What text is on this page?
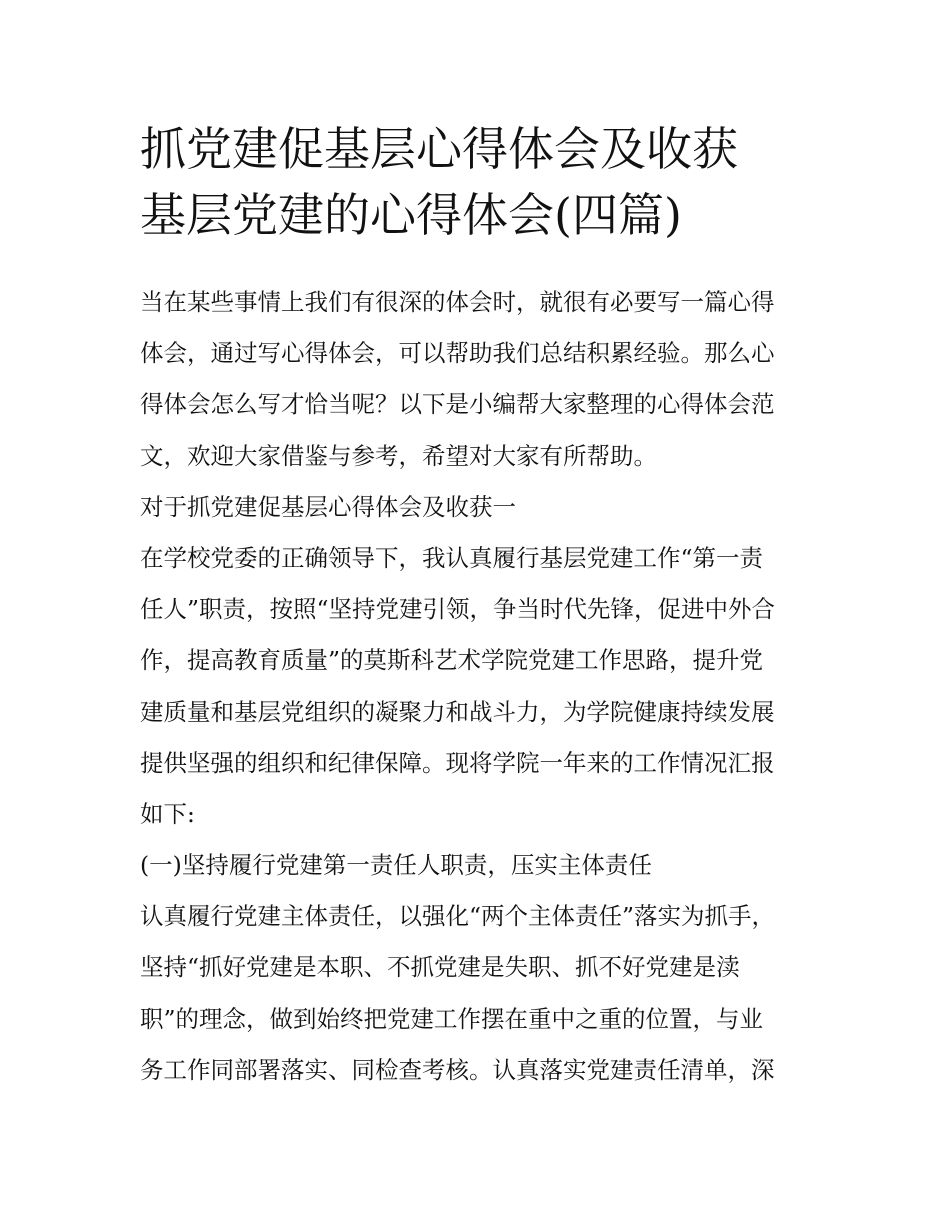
抓党建促基层心得体会及收获
基层党建的心得体会(四篇)
当在某些事情上我们有很深的体会时，就很有必要写一篇心得
体会，通过写心得体会，可以帮助我们总结积累经验。那么心
得体会怎么写才恰当呢？以下是小编帮大家整理的心得体会范
文，欢迎大家借鉴与参考，希望对大家有所帮助。
对于抓党建促基层心得体会及收获一
在学校党委的正确领导下，我认真履行基层党建工作“第一责
任人”职责，按照“坚持党建引领，争当时代先锋，促进中外合
作，提高教育质量”的莫斯科艺术学院党建工作思路，提升党
建质量和基层党组织的凝聚力和战斗力，为学院健康持续发展
提供坚强的组织和纪律保障。现将学院一年来的工作情况汇报
如下:
(一)坚持履行党建第一责任人职责，压实主体责任
认真履行党建主体责任，以强化“两个主体责任”落实为抓手，
坚持“抓好党建是本职、不抓党建是失职、抓不好党建是渎
职”的理念，做到始终把党建工作摆在重中之重的位置，与业
务工作同部署落实、同检查考核。认真落实党建责任清单，深
